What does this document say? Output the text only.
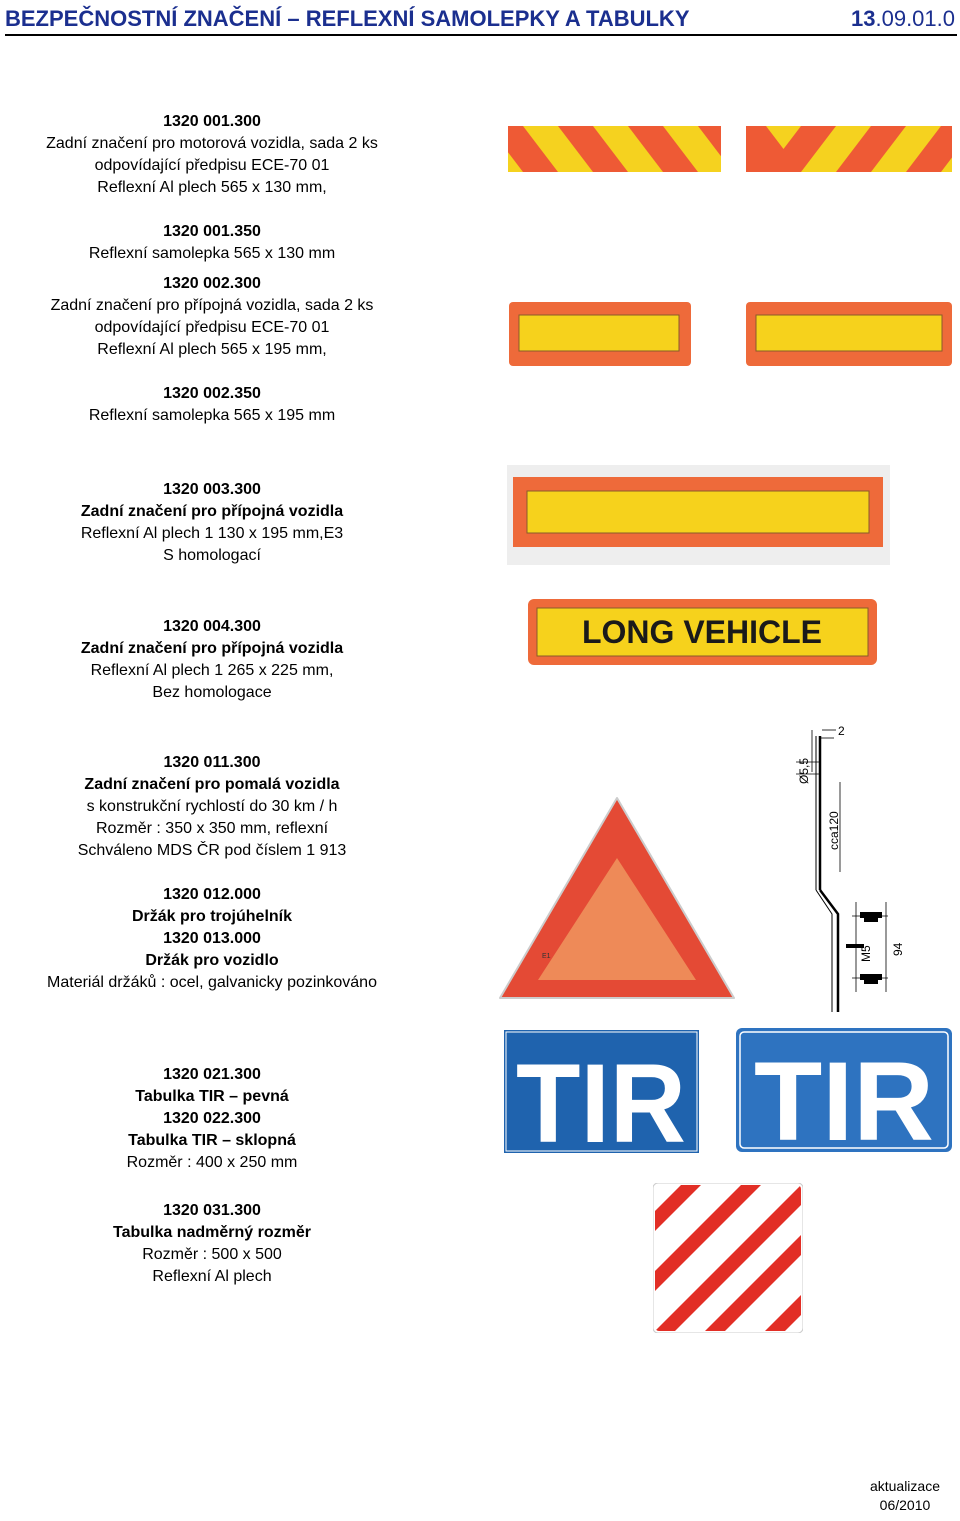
BEZPEČNOSTNÍ ZNAČENÍ – REFLEXNÍ SAMOLEPKY A TABULKY	13.09.01.0
1320 001.300
Zadní značení pro motorová vozidla, sada 2 ks
odpovídající předpisu ECE-70 01
Reflexní Al plech 565 x 130 mm,
1320 001.350
Reflexní samolepka 565 x 130 mm
1320 002.300
Zadní značení pro přípojná vozidla, sada 2 ks
odpovídající předpisu ECE-70 01
Reflexní Al plech 565 x 195 mm,
1320 002.350
Reflexní samolepka 565 x 195 mm
1320 003.300
Zadní značení pro přípojná vozidla
Reflexní Al plech 1 130 x 195 mm,E3
S homologací
1320 004.300
Zadní značení pro přípojná vozidla
Reflexní Al plech 1 265 x 225 mm,
Bez homologace
1320 011.300
Zadní značení pro pomalá vozidla
s konstrukční rychlostí do 30 km / h
Rozměr : 350 x 350 mm, reflexní
Schváleno MDS ČR pod číslem 1 913
1320 012.000
Držák pro trojúhelník
1320 013.000
Držák pro vozidlo
Materiál držáků : ocel, galvanicky pozinkováno
1320 021.300
Tabulka TIR – pevná
1320 022.300
Tabulka TIR – sklopná
Rozměr : 400 x 250 mm
1320 031.300
Tabulka nadměrný rozměr
Rozměr : 500 x 500
Reflexní Al plech
LONG VEHICLE
E1
2
Ø5,5
cca120
M5 94
TIR TIR
aktualizace
06/2010
